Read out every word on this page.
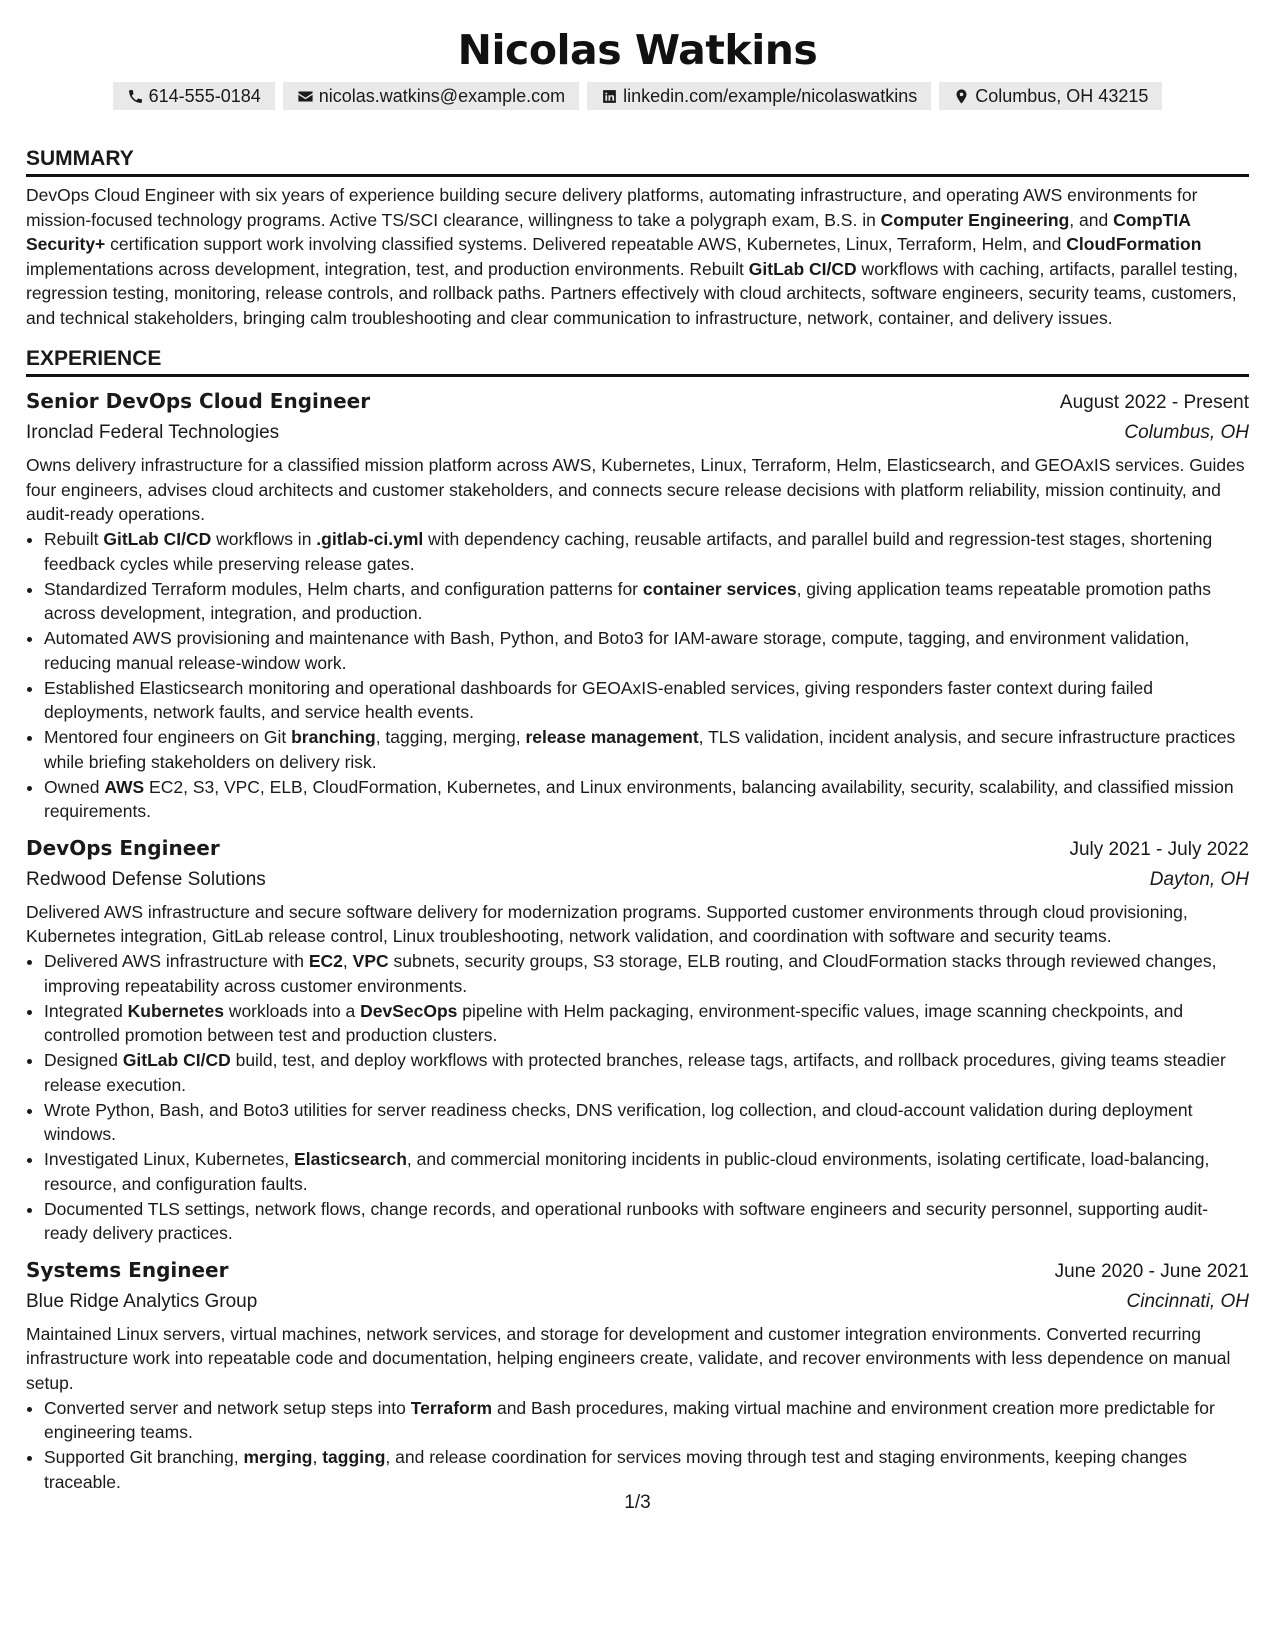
Nicolas Watkins
614-555-0184	nicolas.watkins@example.com	linkedin.com/example/nicolaswatkins	Columbus, OH 43215
SUMMARY

DevOps Cloud Engineer with six years of experience building secure delivery platforms, automating infrastructure, and operating AWS environments for mission-focused technology programs. Active TS/SCI clearance, willingness to take a polygraph exam, B.S. in Computer Engineering, and CompTIA Security+ certification support work involving classified systems. Delivered repeatable AWS, Kubernetes, Linux, Terraform, Helm, and CloudFormation implementations across development, integration, test, and production environments. Rebuilt GitLab CI/CD workflows with caching, artifacts, parallel testing, regression testing, monitoring, release controls, and rollback paths. Partners effectively with cloud architects, software engineers, security teams, customers, and technical stakeholders, bringing calm troubleshooting and clear communication to infrastructure, network, container, and delivery issues.

EXPERIENCE
Senior DevOps Cloud Engineer	August 2022 - Present
Ironclad Federal Technologies	Columbus, OH

Owns delivery infrastructure for a classified mission platform across AWS, Kubernetes, Linux, Terraform, Helm, Elasticsearch, and GEOAxIS services. Guides four engineers, advises cloud architects and customer stakeholders, and connects secure release decisions with platform reliability, mission continuity, and audit-ready operations.

• Rebuilt GitLab CI/CD workflows in .gitlab-ci.yml with dependency caching, reusable artifacts, and parallel build and regression-test stages, shortening feedback cycles while preserving release gates.
• Standardized Terraform modules, Helm charts, and configuration patterns for container services, giving application teams repeatable promotion paths across development, integration, and production.
• Automated AWS provisioning and maintenance with Bash, Python, and Boto3 for IAM-aware storage, compute, tagging, and environment validation, reducing manual release-window work.
• Established Elasticsearch monitoring and operational dashboards for GEOAxIS-enabled services, giving responders faster context during failed deployments, network faults, and service health events.
• Mentored four engineers on Git branching, tagging, merging, release management, TLS validation, incident analysis, and secure infrastructure practices while briefing stakeholders on delivery risk.
• Owned AWS EC2, S3, VPC, ELB, CloudFormation, Kubernetes, and Linux environments, balancing availability, security, scalability, and classified mission requirements.
DevOps Engineer	July 2021 - July 2022
Redwood Defense Solutions	Dayton, OH

Delivered AWS infrastructure and secure software delivery for modernization programs. Supported customer environments through cloud provisioning, Kubernetes integration, GitLab release control, Linux troubleshooting, network validation, and coordination with software and security teams.

• Delivered AWS infrastructure with EC2, VPC subnets, security groups, S3 storage, ELB routing, and CloudFormation stacks through reviewed changes, improving repeatability across customer environments.
• Integrated Kubernetes workloads into a DevSecOps pipeline with Helm packaging, environment-specific values, image scanning checkpoints, and controlled promotion between test and production clusters.
• Designed GitLab CI/CD build, test, and deploy workflows with protected branches, release tags, artifacts, and rollback procedures, giving teams steadier release execution.
• Wrote Python, Bash, and Boto3 utilities for server readiness checks, DNS verification, log collection, and cloud-account validation during deployment windows.
• Investigated Linux, Kubernetes, Elasticsearch, and commercial monitoring incidents in public-cloud environments, isolating certificate, load-balancing, resource, and configuration faults.
• Documented TLS settings, network flows, change records, and operational runbooks with software engineers and security personnel, supporting audit-ready delivery practices.
Systems Engineer	June 2020 - June 2021
Blue Ridge Analytics Group	Cincinnati, OH

Maintained Linux servers, virtual machines, network services, and storage for development and customer integration environments. Converted recurring infrastructure work into repeatable code and documentation, helping engineers create, validate, and recover environments with less dependence on manual setup.

• Converted server and network setup steps into Terraform and Bash procedures, making virtual machine and environment creation more predictable for engineering teams.
• Supported Git branching, merging, tagging, and release coordination for services moving through test and staging environments, keeping changes traceable.
1/3
